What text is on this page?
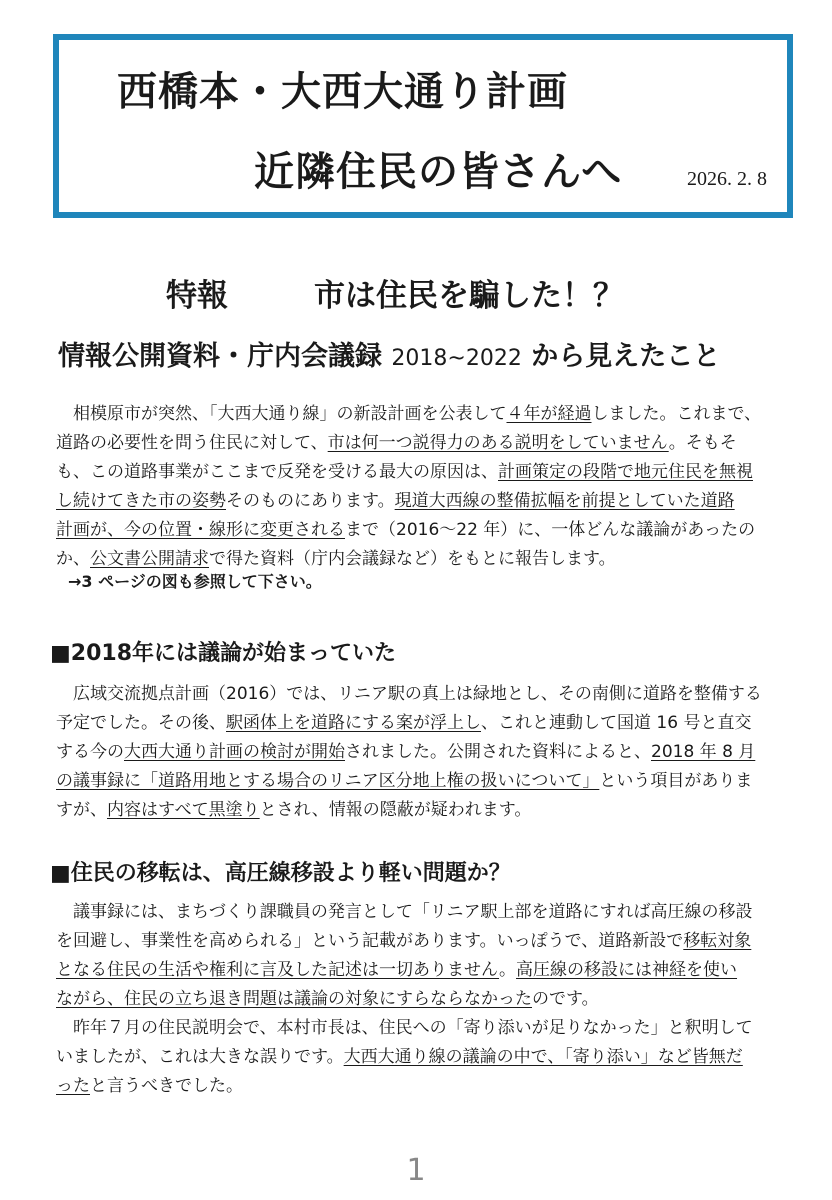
西橋本・大西大通り計画
近隣住民の皆さんへ	2026. 2. 8
特報	市は住民を騙した！？
情報公開資料・庁内会議録 2018~2022 から見えたこと
　相模原市が突然、「大西大通り線」の新設計画を公表して４年が経過しました。これまで、
道路の必要性を問う住民に対して、市は何一つ説得力のある説明をしていません。そもそ
も、この道路事業がここまで反発を受ける最大の原因は、計画策定の段階で地元住民を無視
し続けてきた市の姿勢そのものにあります。現道大西線の整備拡幅を前提としていた道路
計画が、今の位置・線形に変更されるまで（2016～22 年）に、一体どんな議論があったの
か、公文書公開請求で得た資料（庁内会議録など）をもとに報告します。
→3 ページの図も参照して下さい。
■2018年には議論が始まっていた
　広域交流拠点計画（2016）では、リニア駅の真上は緑地とし、その南側に道路を整備する
予定でした。その後、駅函体上を道路にする案が浮上し、これと連動して国道 16 号と直交
する今の大西大通り計画の検討が開始されました。公開された資料によると、2018 年 8 月
の議事録に「道路用地とする場合のリニア区分地上権の扱いについて」という項目がありま
すが、内容はすべて黒塗りとされ、情報の隠蔽が疑われます。
■住民の移転は、高圧線移設より軽い問題か？
　議事録には、まちづくり課職員の発言として「リニア駅上部を道路にすれば高圧線の移設
を回避し、事業性を高められる」という記載があります。いっぽうで、道路新設で移転対象
となる住民の生活や権利に言及した記述は一切ありません。高圧線の移設には神経を使い
ながら、住民の立ち退き問題は議論の対象にすらならなかったのです。
　昨年７月の住民説明会で、本村市長は、住民への「寄り添いが足りなかった」と釈明して
いましたが、これは大きな誤りです。大西大通り線の議論の中で、「寄り添い」など皆無だ
ったと言うべきでした。
1
